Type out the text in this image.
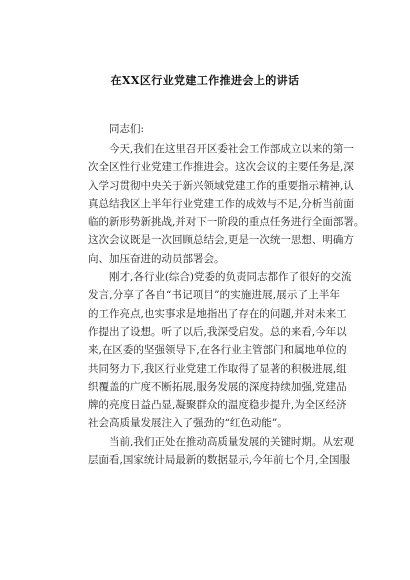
在XX区行业党建工作推进会上的讲话
同志们:
今天,我们在这里召开区委社会工作部成立以来的第一
次全区性行业党建工作推进会。这次会议的主要任务是,深
入学习贯彻中央关于新兴领域党建工作的重要指示精神,认
真总结我区上半年行业党建工作的成效与不足,分析当前面
临的新形势新挑战,并对下一阶段的重点任务进行全面部署。
这次会议既是一次回顾总结会,更是一次统一思想、明确方
向、加压奋进的动员部署会。
刚才,各行业(综合)党委的负责同志都作了很好的交流
发言,分享了各自“书记项目”的实施进展,展示了上半年
的工作亮点,也实事求是地指出了存在的问题,并对未来工
作提出了设想。听了以后,我深受启发。总的来看,今年以
来,在区委的坚强领导下,在各行业主管部门和属地单位的
共同努力下,我区行业党建工作取得了显著的积极进展,组
织覆盖的广度不断拓展,服务发展的深度持续加强,党建品
牌的亮度日益凸显,凝聚群众的温度稳步提升,为全区经济
社会高质量发展注入了强劲的“红色动能”。
当前,我们正处在推动高质量发展的关键时期。从宏观
层面看,国家统计局最新的数据显示,今年前七个月,全国服
